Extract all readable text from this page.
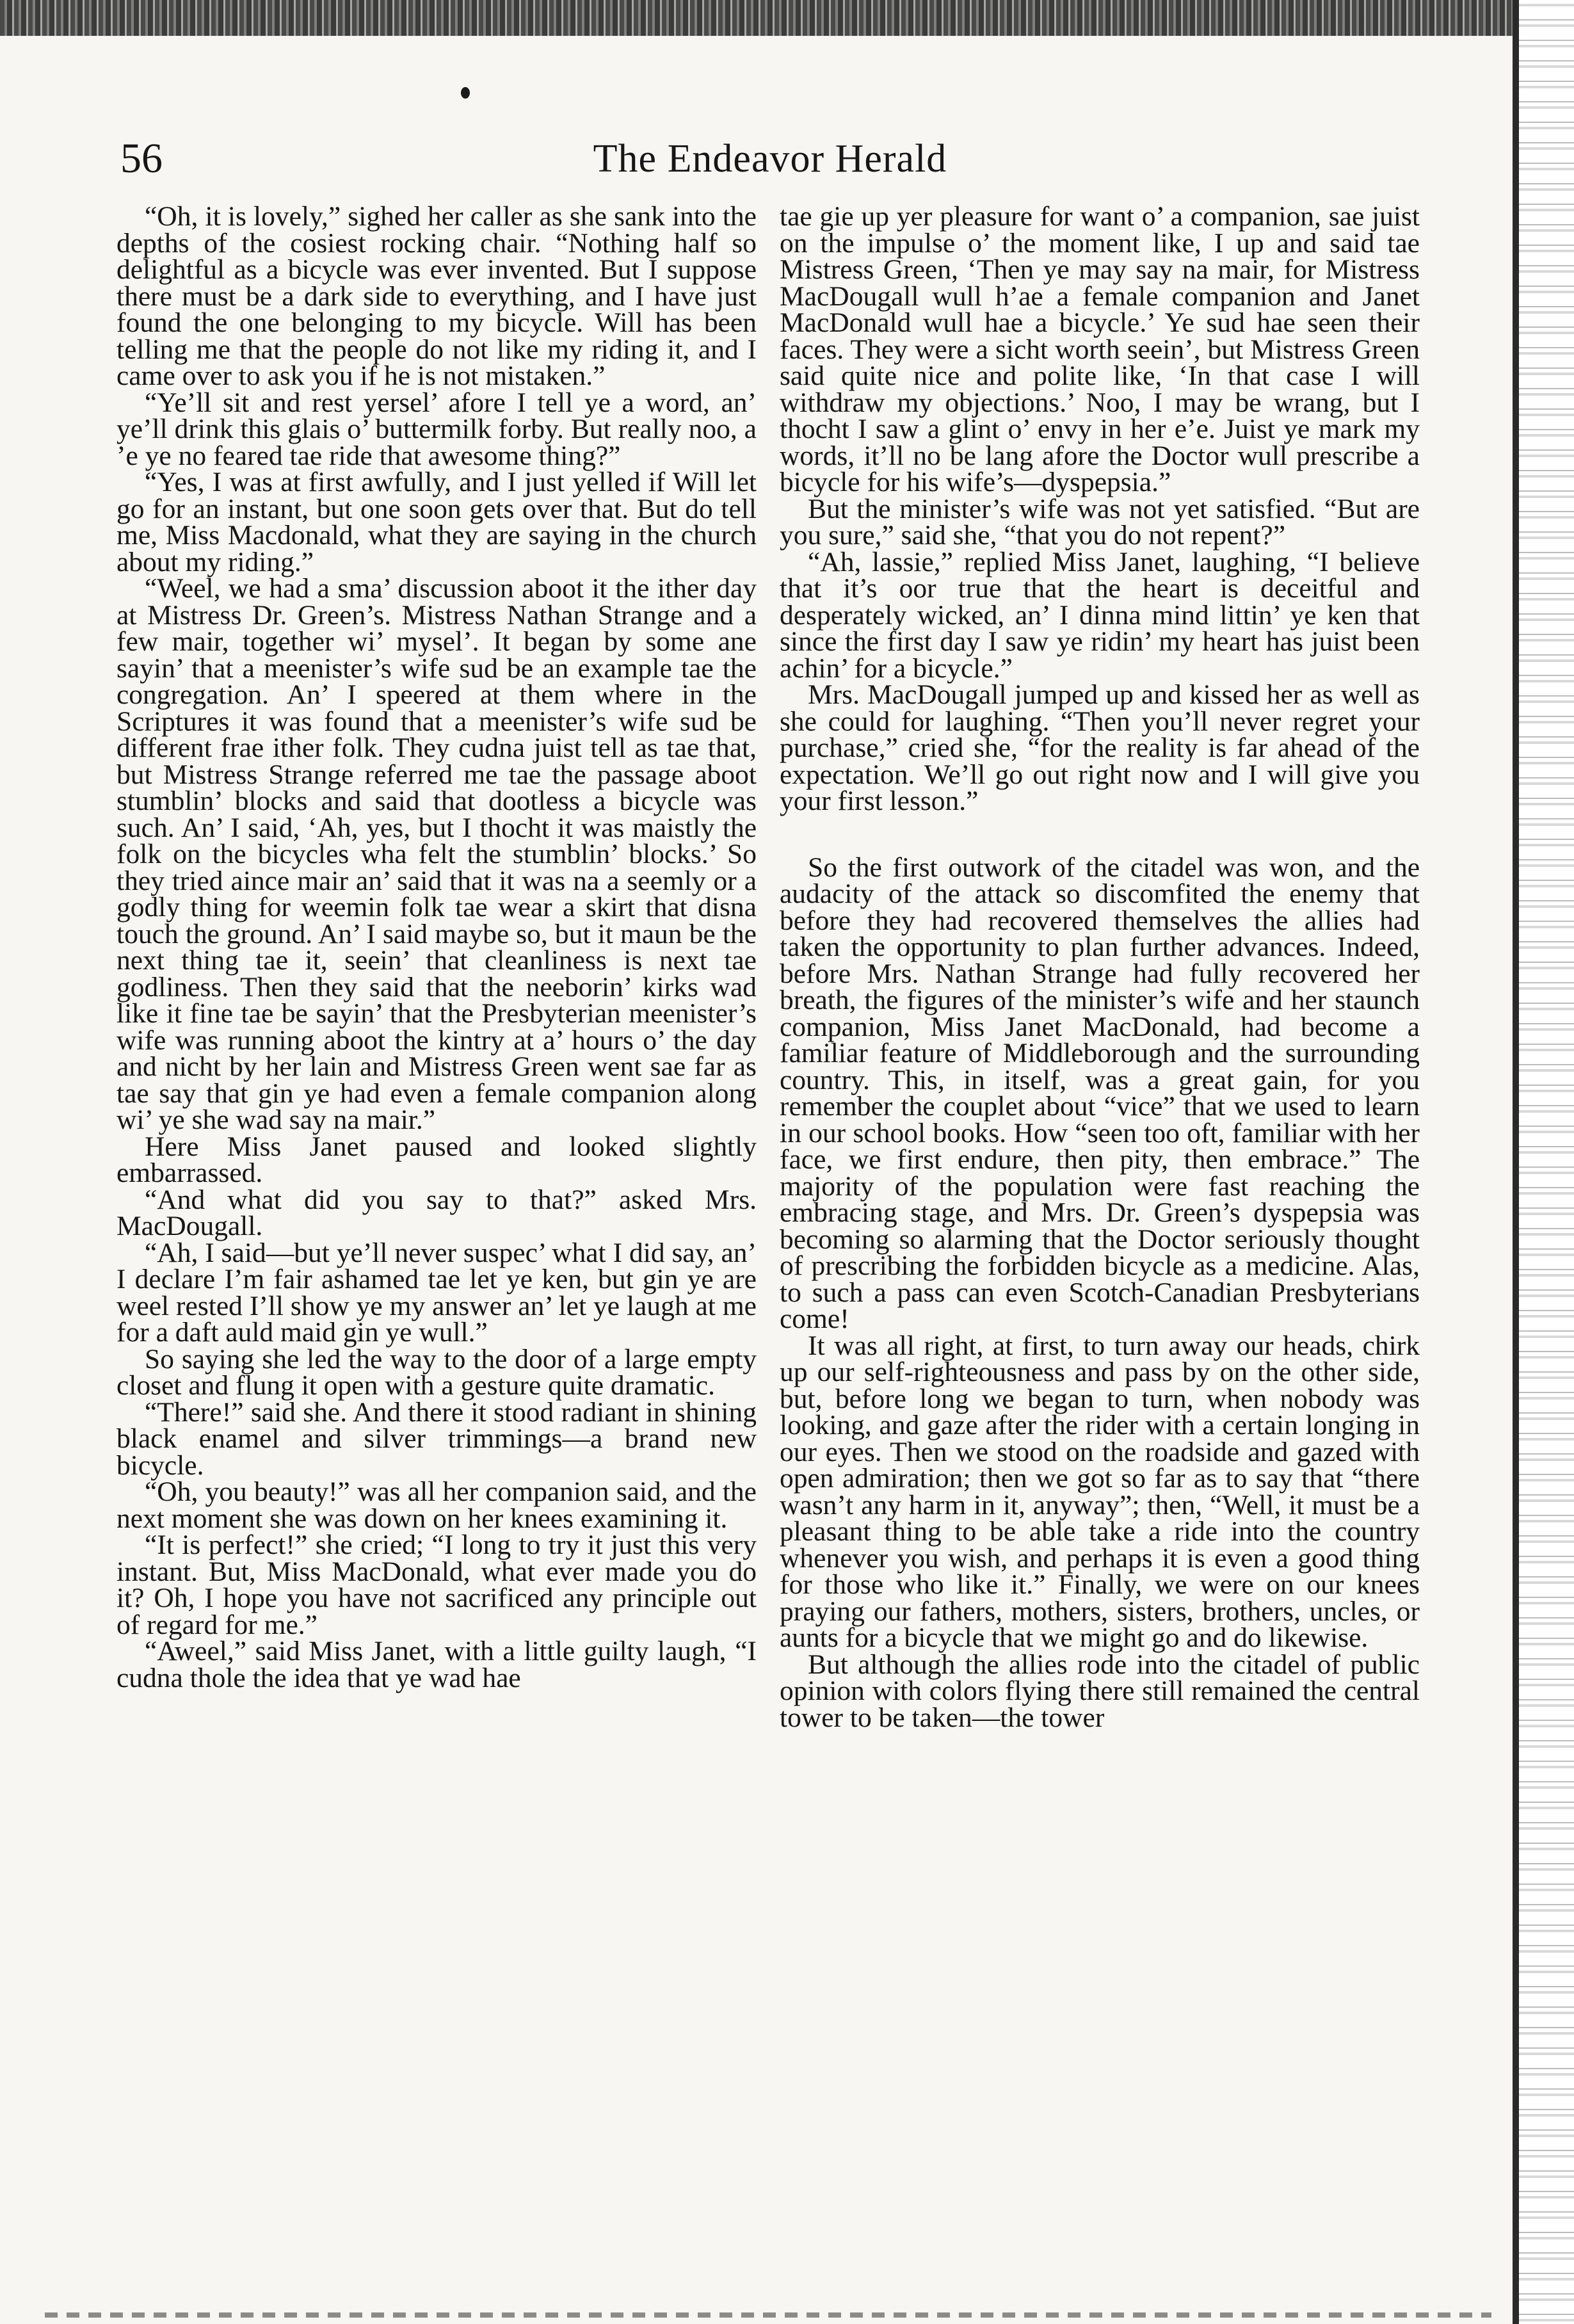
56	The Endeavor Herald

“Oh, it is lovely,” sighed her caller as she sank into the depths of the cosiest rocking chair. “Nothing half so delightful as a bicycle was ever invented. But I suppose there must be a dark side to everything, and I have just found the one belonging to my bicycle. Will has been telling me that the people do not like my riding it, and I came over to ask you if he is not mistaken.”

“Ye’ll sit and rest yersel’ afore I tell ye a word, an’ ye’ll drink this glais o’ buttermilk forby. But really noo, a ’e ye no feared tae ride that awesome thing?”

“Yes, I was at first awfully, and I just yelled if Will let go for an instant, but one soon gets over that. But do tell me, Miss Macdonald, what they are saying in the church about my riding.”

“Weel, we had a sma’ discussion aboot it the ither day at Mistress Dr. Green’s. Mistress Nathan Strange and a few mair, together wi’ mysel’. It began by some ane sayin’ that a meenister’s wife sud be an example tae the congregation. An’ I speered at them where in the Scriptures it was found that a meenister’s wife sud be different frae ither folk. They cudna juist tell as tae that, but Mistress Strange referred me tae the passage aboot stumblin’ blocks and said that dootless a bicycle was such. An’ I said, ‘Ah, yes, but I thocht it was maistly the folk on the bicycles wha felt the stumblin’ blocks.’ So they tried aince mair an’ said that it was na a seemly or a godly thing for weemin folk tae wear a skirt that disna touch the ground. An’ I said maybe so, but it maun be the next thing tae it, seein’ that cleanliness is next tae godliness. Then they said that the neeborin’ kirks wad like it fine tae be sayin’ that the Presbyterian meenister’s wife was running aboot the kintry at a’ hours o’ the day and nicht by her lain and Mistress Green went sae far as tae say that gin ye had even a female companion along wi’ ye she wad say na mair.”

Here Miss Janet paused and looked slightly embarrassed.

“And what did you say to that?” asked Mrs. MacDougall.

“Ah, I said—but ye’ll never suspec’ what I did say, an’ I declare I’m fair ashamed tae let ye ken, but gin ye are weel rested I’ll show ye my answer an’ let ye laugh at me for a daft auld maid gin ye wull.”

So saying she led the way to the door of a large empty closet and flung it open with a gesture quite dramatic.

“There!” said she. And there it stood radiant in shining black enamel and silver trimmings—a brand new bicycle.

“Oh, you beauty!” was all her companion said, and the next moment she was down on her knees examining it.

“It is perfect!” she cried; “I long to try it just this very instant. But, Miss MacDonald, what ever made you do it? Oh, I hope you have not sacrificed any principle out of regard for me.”

“Aweel,” said Miss Janet, with a little guilty laugh, “I cudna thole the idea that ye wad hae

tae gie up yer pleasure for want o’ a companion, sae juist on the impulse o’ the moment like, I up and said tae Mistress Green, ‘Then ye may say na mair, for Mistress MacDougall wull h’ae a female companion and Janet MacDonald wull hae a bicycle.’ Ye sud hae seen their faces. They were a sicht worth seein’, but Mistress Green said quite nice and polite like, ‘In that case I will withdraw my objections.’ Noo, I may be wrang, but I thocht I saw a glint o’ envy in her e’e. Juist ye mark my words, it’ll no be lang afore the Doctor wull prescribe a bicycle for his wife’s—dyspepsia.”

But the minister’s wife was not yet satisfied. “But are you sure,” said she, “that you do not repent?”

“Ah, lassie,” replied Miss Janet, laughing, “I believe that it’s oor true that the heart is deceitful and desperately wicked, an’ I dinna mind littin’ ye ken that since the first day I saw ye ridin’ my heart has juist been achin’ for a bicycle.”

Mrs. MacDougall jumped up and kissed her as well as she could for laughing. “Then you’ll never regret your purchase,” cried she, “for the reality is far ahead of the expectation. We’ll go out right now and I will give you your first lesson.”

So the first outwork of the citadel was won, and the audacity of the attack so discomfited the enemy that before they had recovered themselves the allies had taken the opportunity to plan further advances. Indeed, before Mrs. Nathan Strange had fully recovered her breath, the figures of the minister’s wife and her staunch companion, Miss Janet MacDonald, had become a familiar feature of Middleborough and the surrounding country. This, in itself, was a great gain, for you remember the couplet about “vice” that we used to learn in our school books. How “seen too oft, familiar with her face, we first endure, then pity, then embrace.” The majority of the population were fast reaching the embracing stage, and Mrs. Dr. Green’s dyspepsia was becoming so alarming that the Doctor seriously thought of prescribing the forbidden bicycle as a medicine. Alas, to such a pass can even Scotch-Canadian Presbyterians come!

It was all right, at first, to turn away our heads, chirk up our self-righteousness and pass by on the other side, but, before long we began to turn, when nobody was looking, and gaze after the rider with a certain longing in our eyes. Then we stood on the roadside and gazed with open admiration; then we got so far as to say that “there wasn’t any harm in it, anyway”; then, “Well, it must be a pleasant thing to be able take a ride into the country whenever you wish, and perhaps it is even a good thing for those who like it.” Finally, we were on our knees praying our fathers, mothers, sisters, brothers, uncles, or aunts for a bicycle that we might go and do likewise.

But although the allies rode into the citadel of public opinion with colors flying there still remained the central tower to be taken—the tower
